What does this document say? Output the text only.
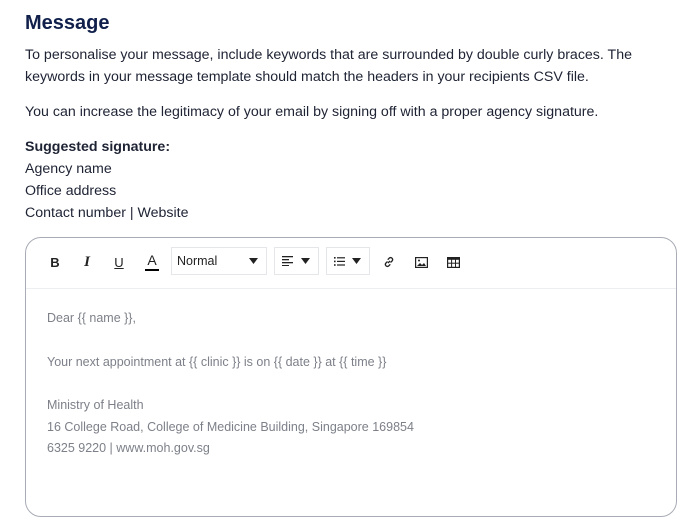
Message

To personalise your message, include keywords that are surrounded by double curly braces. The keywords in your message template should match the headers in your recipients CSV file.

You can increase the legitimacy of your email by signing off with a proper agency signature.

Suggested signature:
Agency name
Office address
Contact number | Website
B I U A Normal
Dear {{ name }},
Your next appointment at {{ clinic }} is on {{ date }} at {{ time }}
Ministry of Health
16 College Road, College of Medicine Building, Singapore 169854
6325 9220 | www.moh.gov.sg
